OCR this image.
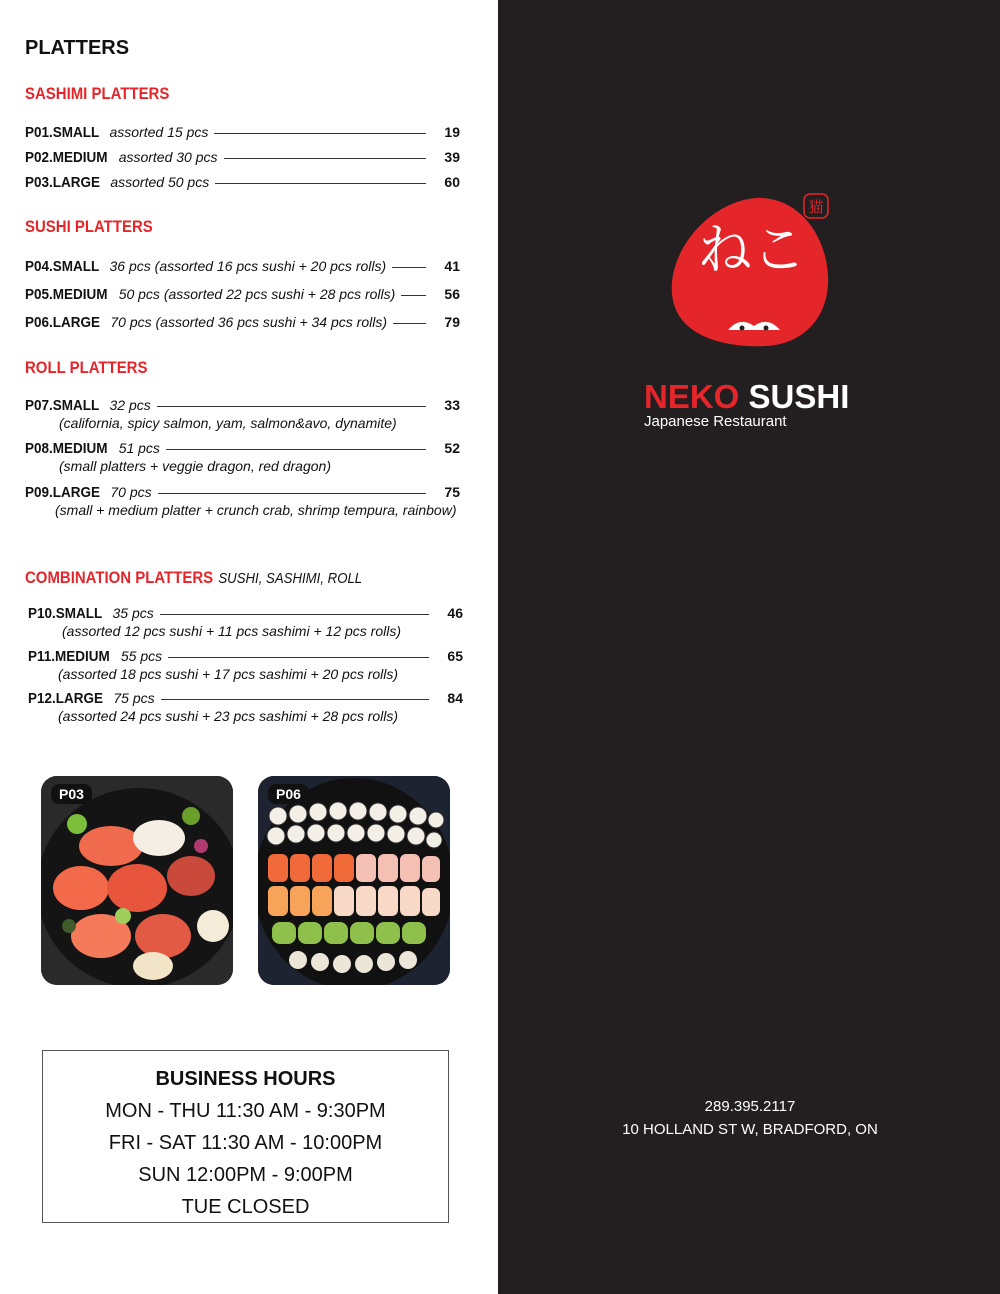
PLATTERS
SASHIMI PLATTERS
P01.SMALL assorted 15 pcs	19
P02.MEDIUM assorted 30 pcs	39
P03.LARGE assorted 50 pcs	60
SUSHI PLATTERS
P04.SMALL 36 pcs (assorted 16 pcs sushi + 20 pcs rolls)	41
P05.MEDIUM 50 pcs (assorted 22 pcs sushi + 28 pcs rolls)	56
P06.LARGE 70 pcs (assorted 36 pcs sushi + 34 pcs rolls)	79
ROLL PLATTERS
P07.SMALL 32 pcs	33
(california, spicy salmon, yam, salmon&avo, dynamite)
P08.MEDIUM 51 pcs	52
(small platters + veggie dragon, red dragon)
P09.LARGE 70 pcs	75
(small + medium platter + crunch crab, shrimp tempura, rainbow)
COMBINATION PLATTERS SUSHI, SASHIMI, ROLL
P10.SMALL 35 pcs	46
(assorted 12 pcs sushi + 11 pcs sashimi + 12 pcs rolls)
P11.MEDIUM 55 pcs	65
(assorted 18 pcs sushi + 17 pcs sashimi + 20 pcs rolls)
P12.LARGE 75 pcs	84
(assorted 24 pcs sushi + 23 pcs sashimi + 28 pcs rolls)
P03	P06
BUSINESS HOURS
MON - THU 11:30 AM - 9:30PM
FRI - SAT 11:30 AM - 10:00PM
SUN 12:00PM - 9:00PM
TUE CLOSED
ねこ
猫
NEKO SUSHI
Japanese Restaurant
289.395.2117
10 HOLLAND ST W, BRADFORD, ON
